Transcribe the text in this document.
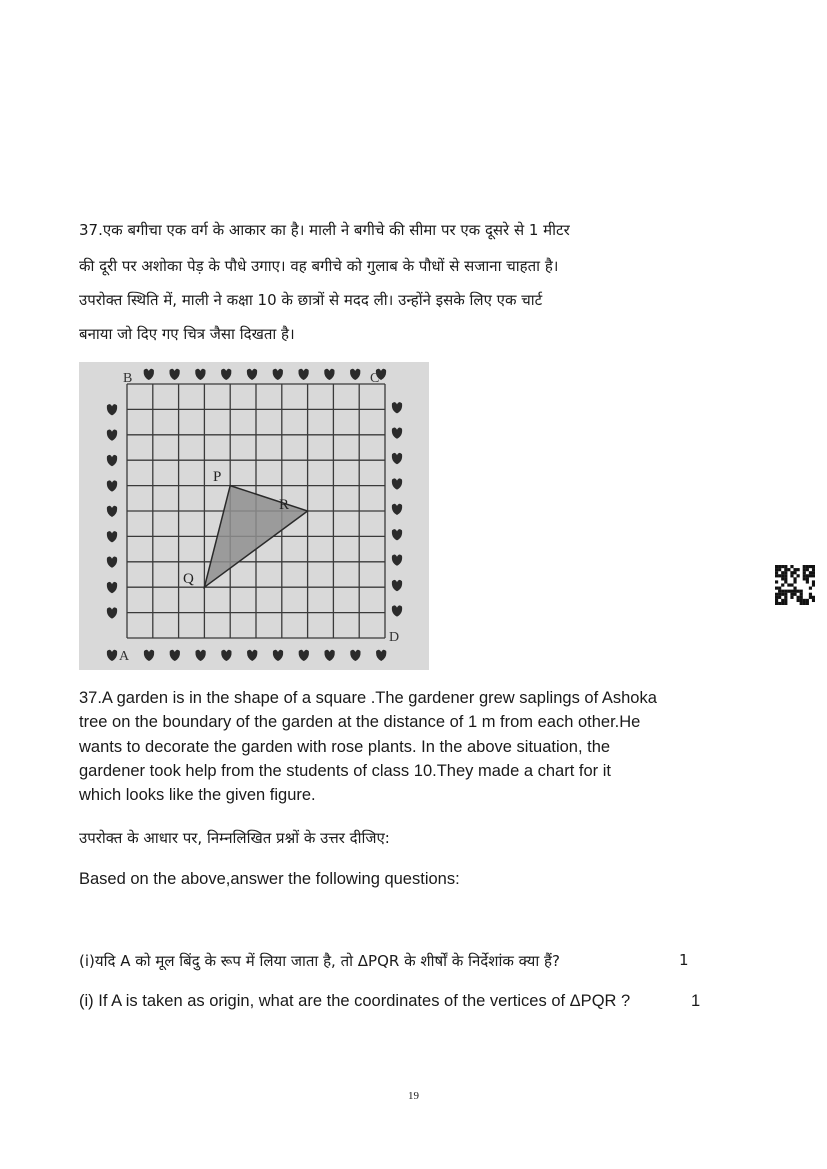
37.एक बगीचा एक वर्ग के आकार का है। माली ने बगीचे की सीमा पर एक दूसरे से 1 मीटर
की दूरी पर अशोका पेड़ के पौधे उगाए। वह बगीचे को गुलाब के पौधों से सजाना चाहता है।
उपरोक्त स्थिति में, माली ने कक्षा 10 के छात्रों से मदद ली। उन्होंने इसके लिए एक चार्ट
बनाया जो दिए गए चित्र जैसा दिखता है।
B	C
A
D
P
Q
R
37.A garden is in the shape of a square .The gardener grew saplings of Ashoka
tree on the boundary of the garden at the distance of 1 m from each other.He
wants to decorate the garden with rose plants. In the above situation, the
gardener took help from the students of class 10.They made a chart for it
which looks like the given figure.
उपरोक्त के आधार पर, निम्नलिखित प्रश्नों के उत्तर दीजिए:
Based on the above,answer the following questions:
(i)यदि A को मूल बिंदु के रूप में लिया जाता है, तो ΔPQR के शीर्षों के निर्देशांक क्या हैं?	1
(i) If A is taken as origin, what are the coordinates of the vertices of ΔPQR ?	1
19
